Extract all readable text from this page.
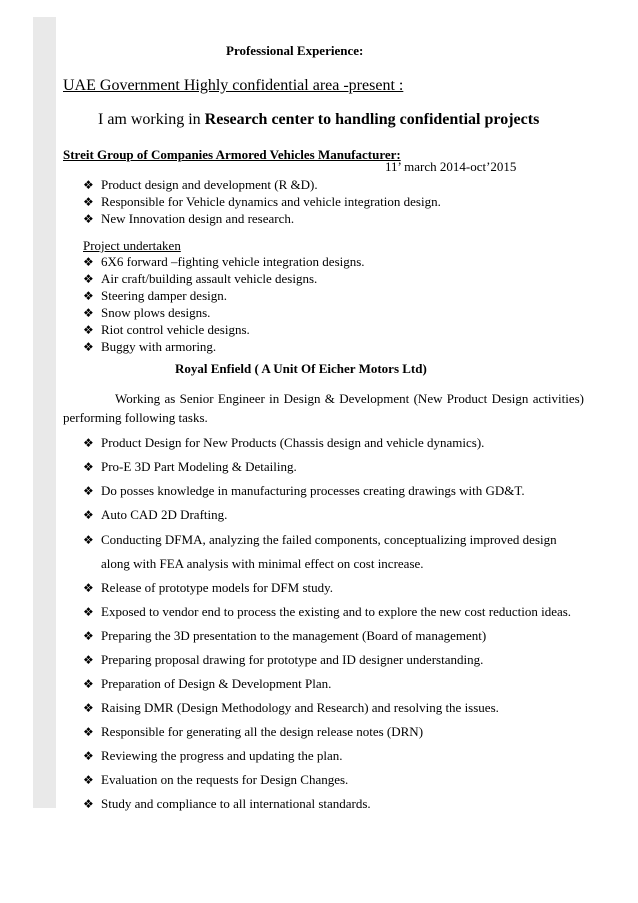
Professional Experience:
UAE Government Highly confidential area -present :
I am working in Research center to handling confidential projects
Streit Group of Companies Armored Vehicles Manufacturer:
11’ march 2014-oct’2015
❖ Product design and development (R &D).
❖ Responsible for Vehicle dynamics and vehicle integration design.
❖ New Innovation design and research.
Project undertaken
❖ 6X6 forward –fighting vehicle integration designs.
❖ Air craft/building assault vehicle designs.
❖ Steering damper design.
❖ Snow plows designs.
❖ Riot control vehicle designs.
❖ Buggy with armoring.
Royal Enfield ( A Unit Of Eicher Motors Ltd)
Working as Senior Engineer in Design & Development (New Product Design activities) performing following tasks.
❖ Product Design for New Products (Chassis design and vehicle dynamics).
❖ Pro-E 3D Part Modeling & Detailing.
❖ Do posses knowledge in manufacturing processes creating drawings with GD&T.
❖ Auto CAD 2D Drafting.
❖ Conducting DFMA, analyzing the failed components, conceptualizing improved design
along with FEA analysis with minimal effect on cost increase.
❖ Release of prototype models for DFM study.
❖ Exposed to vendor end to process the existing and to explore the new cost reduction ideas.
❖ Preparing the 3D presentation to the management (Board of management)
❖ Preparing proposal drawing for prototype and ID designer understanding.
❖ Preparation of Design & Development Plan.
❖ Raising DMR (Design Methodology and Research) and resolving the issues.
❖ Responsible for generating all the design release notes (DRN)
❖ Reviewing the progress and updating the plan.
❖ Evaluation on the requests for Design Changes.
❖ Study and compliance to all international standards.
